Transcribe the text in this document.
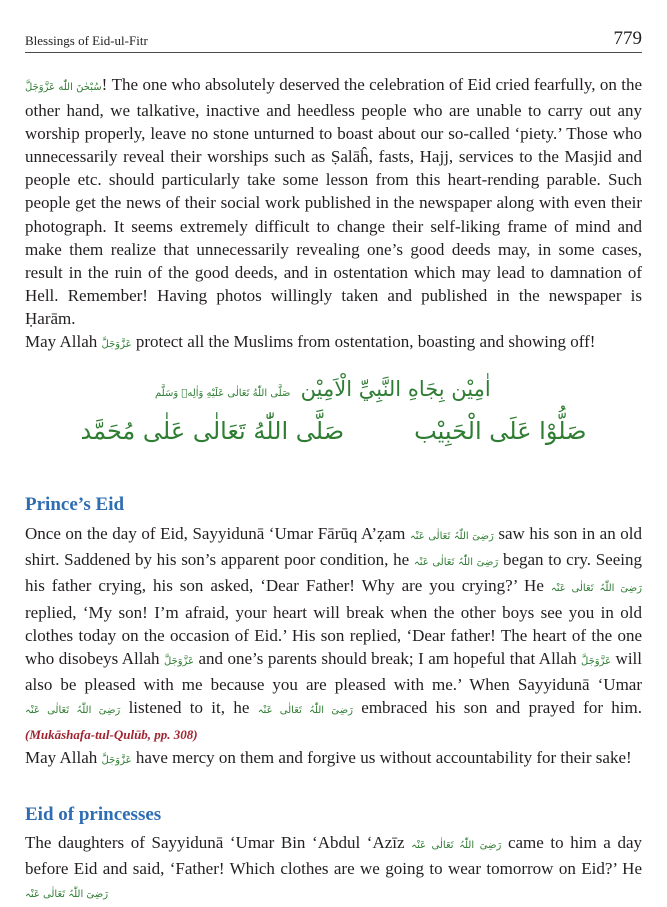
Blessings of Eid-ul-Fitr	779

سُبْحٰنَ اللّٰه عَزَّوَجَلَّ! The one who absolutely deserved the celebration of Eid cried fearfully, on the other hand, we talkative, inactive and heedless people who are unable to carry out any worship properly, leave no stone unturned to boast about our so-called ‘piety.’ Those who unnecessarily reveal their worships such as Ṣalāĥ, fasts, Hajj, services to the Masjid and people etc. should particularly take some lesson from this heart-rending parable. Such people get the news of their social work published in the newspaper along with even their photograph. It seems extremely difficult to change their self-liking frame of mind and make them realize that unnecessarily revealing one’s good deeds may, in some cases, result in the ruin of the good deeds, and in ostentation which may lead to damnation of Hell. Remember! Having photos willingly taken and published in the newspaper is Ḥarām.

May Allah عَزَّوَجَلَّ protect all the Muslims from ostentation, boasting and showing off!

اٰمِيْن بِجَاهِ النَّبِيِّ الْاَمِيْن صَلَّى اللّٰهُ تَعَالٰى عَلَيْهِ وَاٰلِهٖ وَسَلَّم
صَلُّوْا عَلَى الْحَبِيْب
صَلَّى اللّٰهُ تَعَالٰى عَلٰى مُحَمَّد
Prince’s Eid

Once on the day of Eid, Sayyidunā ‘Umar Fārūq A’ẓam رَضِیَ اللّٰہُ تَعَالٰی عَنْہ saw his son in an old shirt. Saddened by his son’s apparent poor condition, he رَضِیَ اللّٰہُ تَعَالٰی عَنْہ began to cry. Seeing his father crying, his son asked, ‘Dear Father! Why are you crying?’ He رَضِیَ اللّٰہُ تَعَالٰی عَنْہ replied, ‘My son! I’m afraid, your heart will break when the other boys see you in old clothes today on the occasion of Eid.’ His son replied, ‘Dear father! The heart of the one who disobeys Allah عَزَّوَجَلَّ and one’s parents should break; I am hopeful that Allah عَزَّوَجَلَّ will also be pleased with me because you are pleased with me.’ When Sayyidunā ‘Umar رَضِیَ اللّٰہُ تَعَالٰی عَنْہ listened to it, he رَضِیَ اللّٰہُ تَعَالٰی عَنْہ embraced his son and prayed for him. (Mukāshafa-tul-Qulūb, pp. 308)

May Allah عَزَّوَجَلَّ have mercy on them and forgive us without accountability for their sake!

Eid of princesses

The daughters of Sayyidunā ‘Umar Bin ‘Abdul ‘Azīz رَضِیَ اللّٰہُ تَعَالٰی عَنْہ came to him a day before Eid and said, ‘Father! Which clothes are we going to wear tomorrow on Eid?’ He رَضِیَ اللّٰہُ تَعَالٰی عَنْہ
